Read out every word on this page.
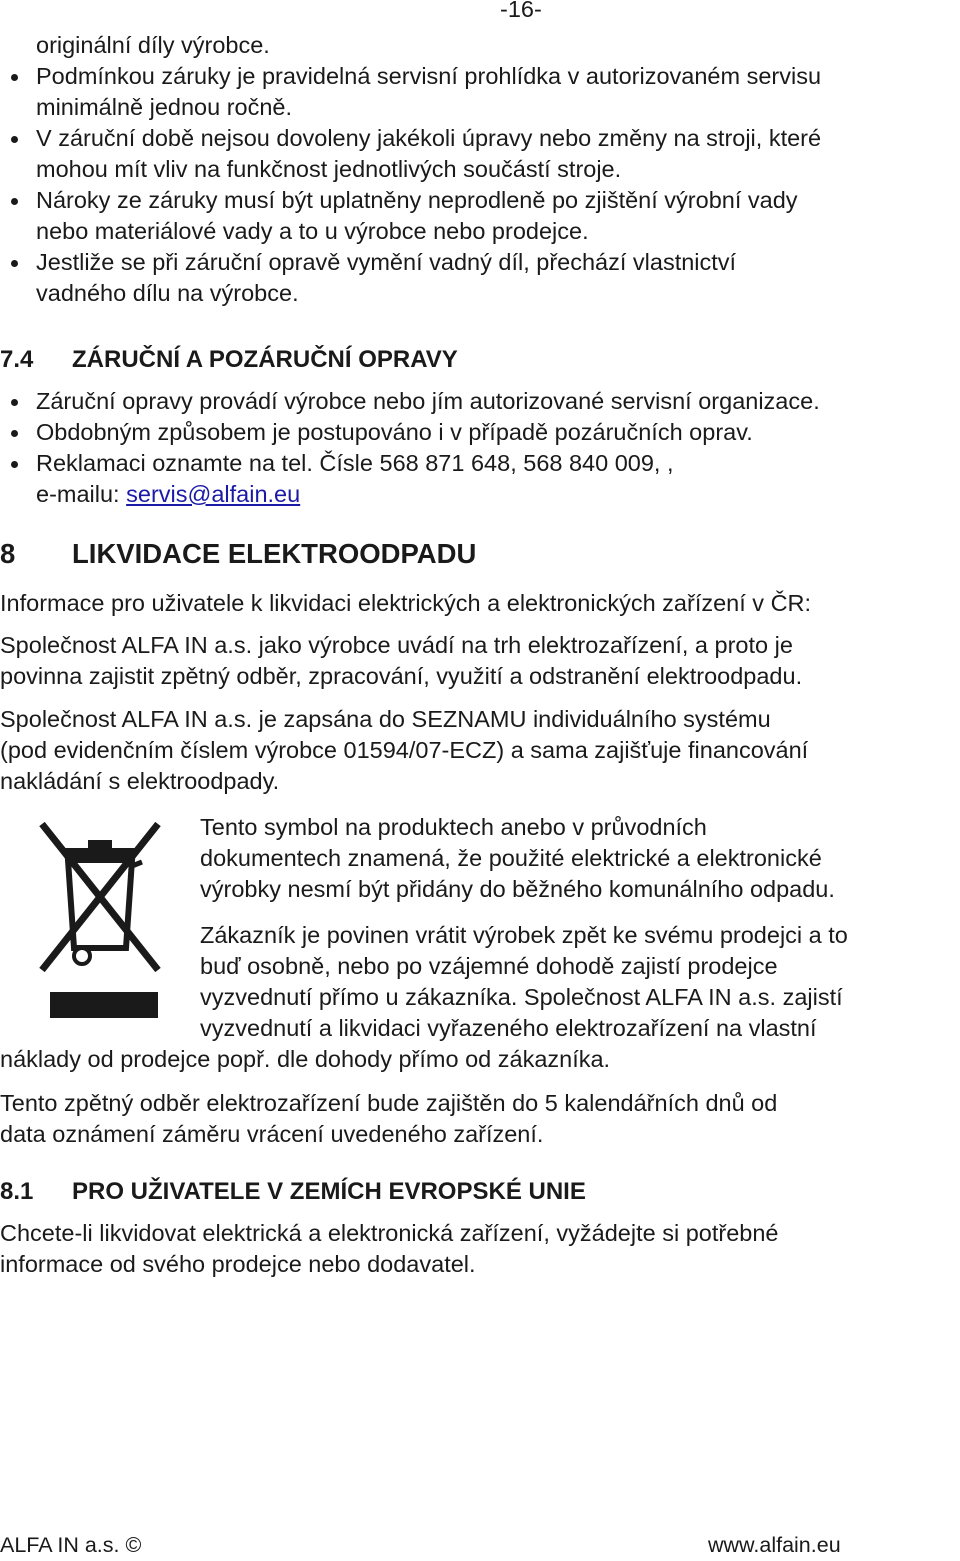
-16-
originální díly výrobce.
Podmínkou záruky je pravidelná servisní prohlídka v autorizovaném servisu
minimálně jednou ročně.
V záruční době nejsou dovoleny jakékoli úpravy nebo změny na stroji, které
mohou mít vliv na funkčnost jednotlivých součástí stroje.
Nároky ze záruky musí být uplatněny neprodleně po zjištění výrobní vady
nebo materiálové vady a to u výrobce nebo prodejce.
Jestliže se při záruční opravě vymění vadný díl, přechází vlastnictví
vadného dílu na výrobce.
7.4 ZÁRUČNÍ A POZÁRUČNÍ OPRAVY
Záruční opravy provádí výrobce nebo jím autorizované servisní organizace.
Obdobným způsobem je postupováno i v případě pozáručních oprav.
Reklamaci oznamte na tel. Čísle 568 871 648, 568 840 009, ,
e-mailu: servis@alfain.eu
8 LIKVIDACE ELEKTROODPADU
Informace pro uživatele k likvidaci elektrických a elektronických zařízení v ČR:
Společnost ALFA IN a.s. jako výrobce uvádí na trh elektrozařízení, a proto je
povinna zajistit zpětný odběr, zpracování, využití a odstranění elektroodpadu.
Společnost ALFA IN a.s. je zapsána do SEZNAMU individuálního systému
(pod evidenčním číslem výrobce 01594/07-ECZ) a sama zajišťuje financování
nakládání s elektroodpady.
Tento symbol na produktech anebo v průvodních
dokumentech znamená, že použité elektrické a elektronické
výrobky nesmí být přidány do běžného komunálního odpadu.
Zákazník je povinen vrátit výrobek zpět ke svému prodejci a to
buď osobně, nebo po vzájemné dohodě zajistí prodejce
vyzvednutí přímo u zákazníka. Společnost ALFA IN a.s. zajistí
vyzvednutí a likvidaci vyřazeného elektrozařízení na vlastní
náklady od prodejce popř. dle dohody přímo od zákazníka.
Tento zpětný odběr elektrozařízení bude zajištěn do 5 kalendářních dnů od
data oznámení záměru vrácení uvedeného zařízení.
8.1 PRO UŽIVATELE V ZEMÍCH EVROPSKÉ UNIE
Chcete-li likvidovat elektrická a elektronická zařízení, vyžádejte si potřebné
informace od svého prodejce nebo dodavatel.
ALFA IN a.s. ©	www.alfain.eu
